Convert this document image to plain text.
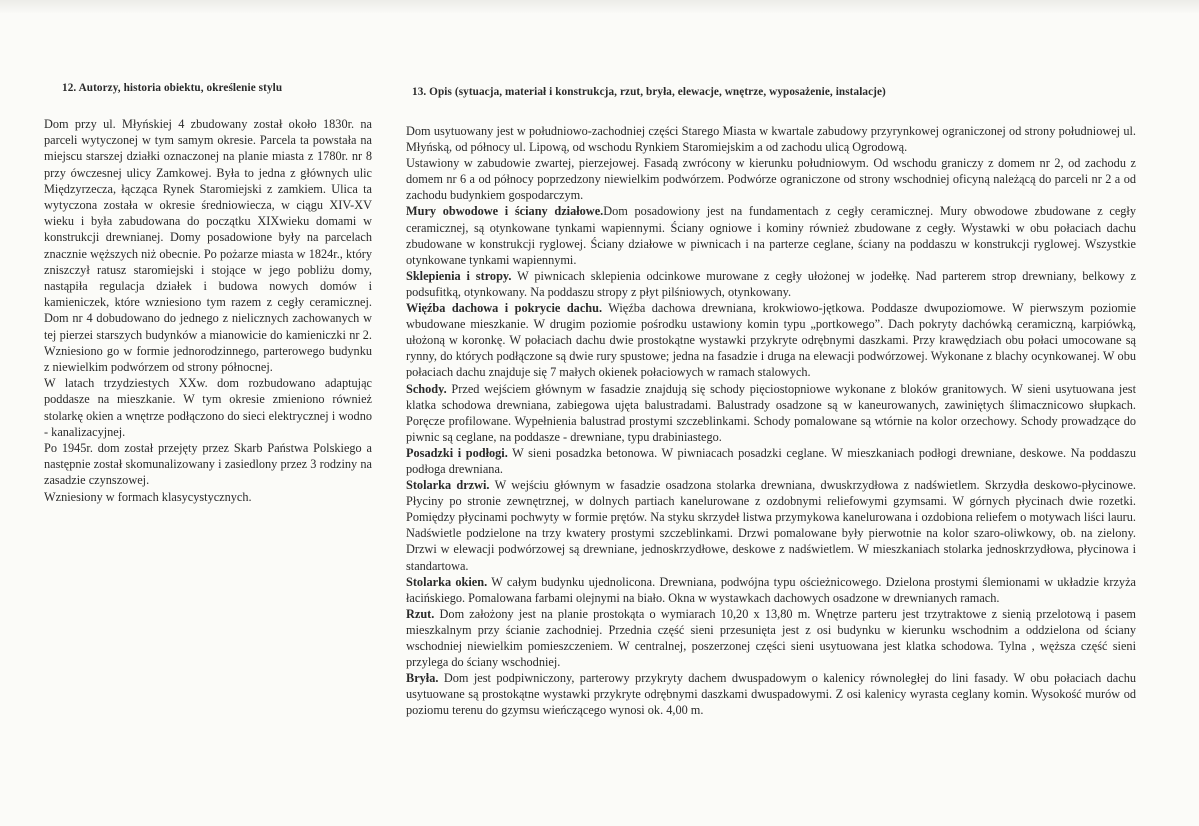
12. Autorzy, historia obiektu, określenie stylu

Dom przy ul. Młyńskiej 4 zbudowany został około 1830r. na parceli wytyczonej w tym samym okresie. Parcela ta powstała na miejscu starszej działki oznaczonej na planie miasta z 1780r. nr 8 przy ówczesnej ulicy Zamkowej. Była to jedna z głównych ulic Międzyrzecza, łącząca Rynek Staromiejski z zamkiem. Ulica ta wytyczona została w okresie średniowiecza, w ciągu XIV-XV wieku i była zabudowana do początku XIXwieku domami w konstrukcji drewnianej. Domy posadowione były na parcelach znacznie węższych niż obecnie. Po pożarze miasta w 1824r., który zniszczył ratusz staromiejski i stojące w jego pobliżu domy, nastąpiła regulacja działek i budowa nowych domów i kamieniczek, które wzniesiono tym razem z cegły ceramicznej. Dom nr 4 dobudowano do jednego z nielicznych zachowanych w tej pierzei starszych budynków a mianowicie do kamieniczki nr 2. Wzniesiono go w formie jednorodzinnego, parterowego budynku z niewielkim podwórzem od strony północnej.

W latach trzydziestych XXw. dom rozbudowano adaptując poddasze na mieszkanie. W tym okresie zmieniono również stolarkę okien a wnętrze podłączono do sieci elektrycznej i wodno - kanalizacyjnej.

Po 1945r. dom został przejęty przez Skarb Państwa Polskiego a następnie został skomunalizowany i zasiedlony przez 3 rodziny na zasadzie czynszowej.

Wzniesiony w formach klasycystycznych.

13. Opis (sytuacja, materiał i konstrukcja, rzut, bryła, elewacje, wnętrze, wyposażenie, instalacje)

Dom usytuowany jest w południowo-zachodniej części Starego Miasta w kwartale zabudowy przyrynkowej ograniczonej od strony południowej ul. Młyńską, od północy ul. Lipową, od wschodu Rynkiem Staromiejskim a od zachodu ulicą Ogrodową.

Ustawiony w zabudowie zwartej, pierzejowej. Fasadą zwrócony w kierunku południowym. Od wschodu graniczy z domem nr 2, od zachodu z domem nr 6 a od północy poprzedzony niewielkim podwórzem. Podwórze ograniczone od strony wschodniej oficyną należącą do parceli nr 2 a od zachodu budynkiem gospodarczym.

Mury obwodowe i ściany działowe.Dom posadowiony jest na fundamentach z cegły ceramicznej. Mury obwodowe zbudowane z cegły ceramicznej, są otynkowane tynkami wapiennymi. Ściany ogniowe i kominy również zbudowane z cegły. Wystawki w obu połaciach dachu zbudowane w konstrukcji ryglowej. Ściany działowe w piwnicach i na parterze ceglane, ściany na poddaszu w konstrukcji ryglowej. Wszystkie otynkowane tynkami wapiennymi.

Sklepienia i stropy. W piwnicach sklepienia odcinkowe murowane z cegły ułożonej w jodełkę. Nad parterem strop drewniany, belkowy z podsufitką, otynkowany. Na poddaszu stropy z płyt pilśniowych, otynkowany.

Więźba dachowa i pokrycie dachu. Więźba dachowa drewniana, krokwiowo-jętkowa. Poddasze dwupoziomowe. W pierwszym poziomie wbudowane mieszkanie. W drugim poziomie pośrodku ustawiony komin typu „portkowego”. Dach pokryty dachówką ceramiczną, karpiówką, ułożoną w koronkę. W połaciach dachu dwie prostokątne wystawki przykryte odrębnymi daszkami. Przy krawędziach obu połaci umocowane są rynny, do których podłączone są dwie rury spustowe; jedna na fasadzie i druga na elewacji podwórzowej. Wykonane z blachy ocynkowanej. W obu połaciach dachu znajduje się 7 małych okienek połaciowych w ramach stalowych.

Schody. Przed wejściem głównym w fasadzie znajdują się schody pięciostopniowe wykonane z bloków granitowych. W sieni usytuowana jest klatka schodowa drewniana, zabiegowa ujęta balustradami. Balustrady osadzone są w kaneurowanych, zawiniętych ślimacznicowo słupkach. Poręcze profilowane. Wypełnienia balustrad prostymi szczeblinkami. Schody pomalowane są wtórnie na kolor orzechowy. Schody prowadzące do piwnic są ceglane, na poddasze - drewniane, typu drabiniastego.

Posadzki i podłogi. W sieni posadzka betonowa. W piwniacach posadzki ceglane. W mieszkaniach podłogi drewniane, deskowe. Na poddaszu podłoga drewniana.

Stolarka drzwi. W wejściu głównym w fasadzie osadzona stolarka drewniana, dwuskrzydłowa z nadświetlem. Skrzydła deskowo-płycinowe. Płyciny po stronie zewnętrznej, w dolnych partiach kanelurowane z ozdobnymi reliefowymi gzymsami. W górnych płycinach dwie rozetki. Pomiędzy płycinami pochwyty w formie prętów. Na styku skrzydeł listwa przymykowa kanelurowana i ozdobiona reliefem o motywach liści lauru. Nadświetle podzielone na trzy kwatery prostymi szczeblinkami. Drzwi pomalowane były pierwotnie na kolor szaro-oliwkowy, ob. na zielony. Drzwi w elewacji podwórzowej są drewniane, jednoskrzydłowe, deskowe z nadświetlem. W mieszkaniach stolarka jednoskrzydłowa, płycinowa i standartowa.

Stolarka okien. W całym budynku ujednolicona. Drewniana, podwójna typu ościeżnicowego. Dzielona prostymi ślemionami w układzie krzyża łacińskiego. Pomalowana farbami olejnymi na biało. Okna w wystawkach dachowych osadzone w drewnianych ramach.

Rzut. Dom założony jest na planie prostokąta o wymiarach 10,20 x 13,80 m. Wnętrze parteru jest trzytraktowe z sienią przelotową i pasem mieszkalnym przy ścianie zachodniej. Przednia część sieni przesunięta jest z osi budynku w kierunku wschodnim a oddzielona od ściany wschodniej niewielkim pomieszczeniem. W centralnej, poszerzonej części sieni usytuowana jest klatka schodowa. Tylna , węższa część sieni przylega do ściany wschodniej.

Bryła. Dom jest podpiwniczony, parterowy przykryty dachem dwuspadowym o kalenicy równoległej do lini fasady. W obu połaciach dachu usytuowane są prostokątne wystawki przykryte odrębnymi daszkami dwuspadowymi. Z osi kalenicy wyrasta ceglany komin. Wysokość murów od poziomu terenu do gzymsu wieńczącego wynosi ok. 4,00 m.
